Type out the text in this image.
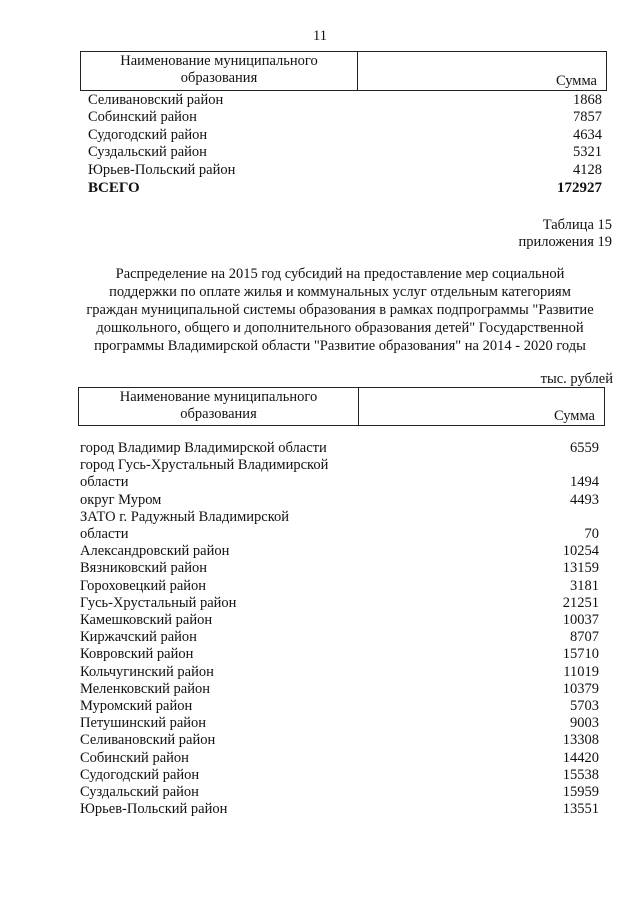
11
Наименование муниципального
образования	Сумма
Селивановский район	1868
Собинский район	7857
Судогодский район	4634
Суздальский район	5321
Юрьев-Польский район	4128
ВСЕГО	172927
Таблица 15
приложения 19
Распределение на 2015 год субсидий на предоставление мер социальной
поддержки по оплате жилья и коммунальных услуг отдельным категориям
граждан муниципальной системы образования в рамках подпрограммы "Развитие
дошкольного, общего и дополнительного образования детей" Государственной
программы Владимирской области "Развитие образования" на 2014 - 2020 годы
тыс. рублей
Наименование муниципального
образования	Сумма
город Владимир Владимирской области	6559
город Гусь-Хрустальный Владимирской
области	1494
округ Муром	4493
ЗАТО г. Радужный Владимирской
области	70
Александровский район	10254
Вязниковский район	13159
Гороховецкий район	3181
Гусь-Хрустальный район	21251
Камешковский район	10037
Киржачский район	8707
Ковровский район	15710
Кольчугинский район	11019
Меленковский район	10379
Муромский район	5703
Петушинский район	9003
Селивановский район	13308
Собинский район	14420
Судогодский район	15538
Суздальский район	15959
Юрьев-Польский район	13551
